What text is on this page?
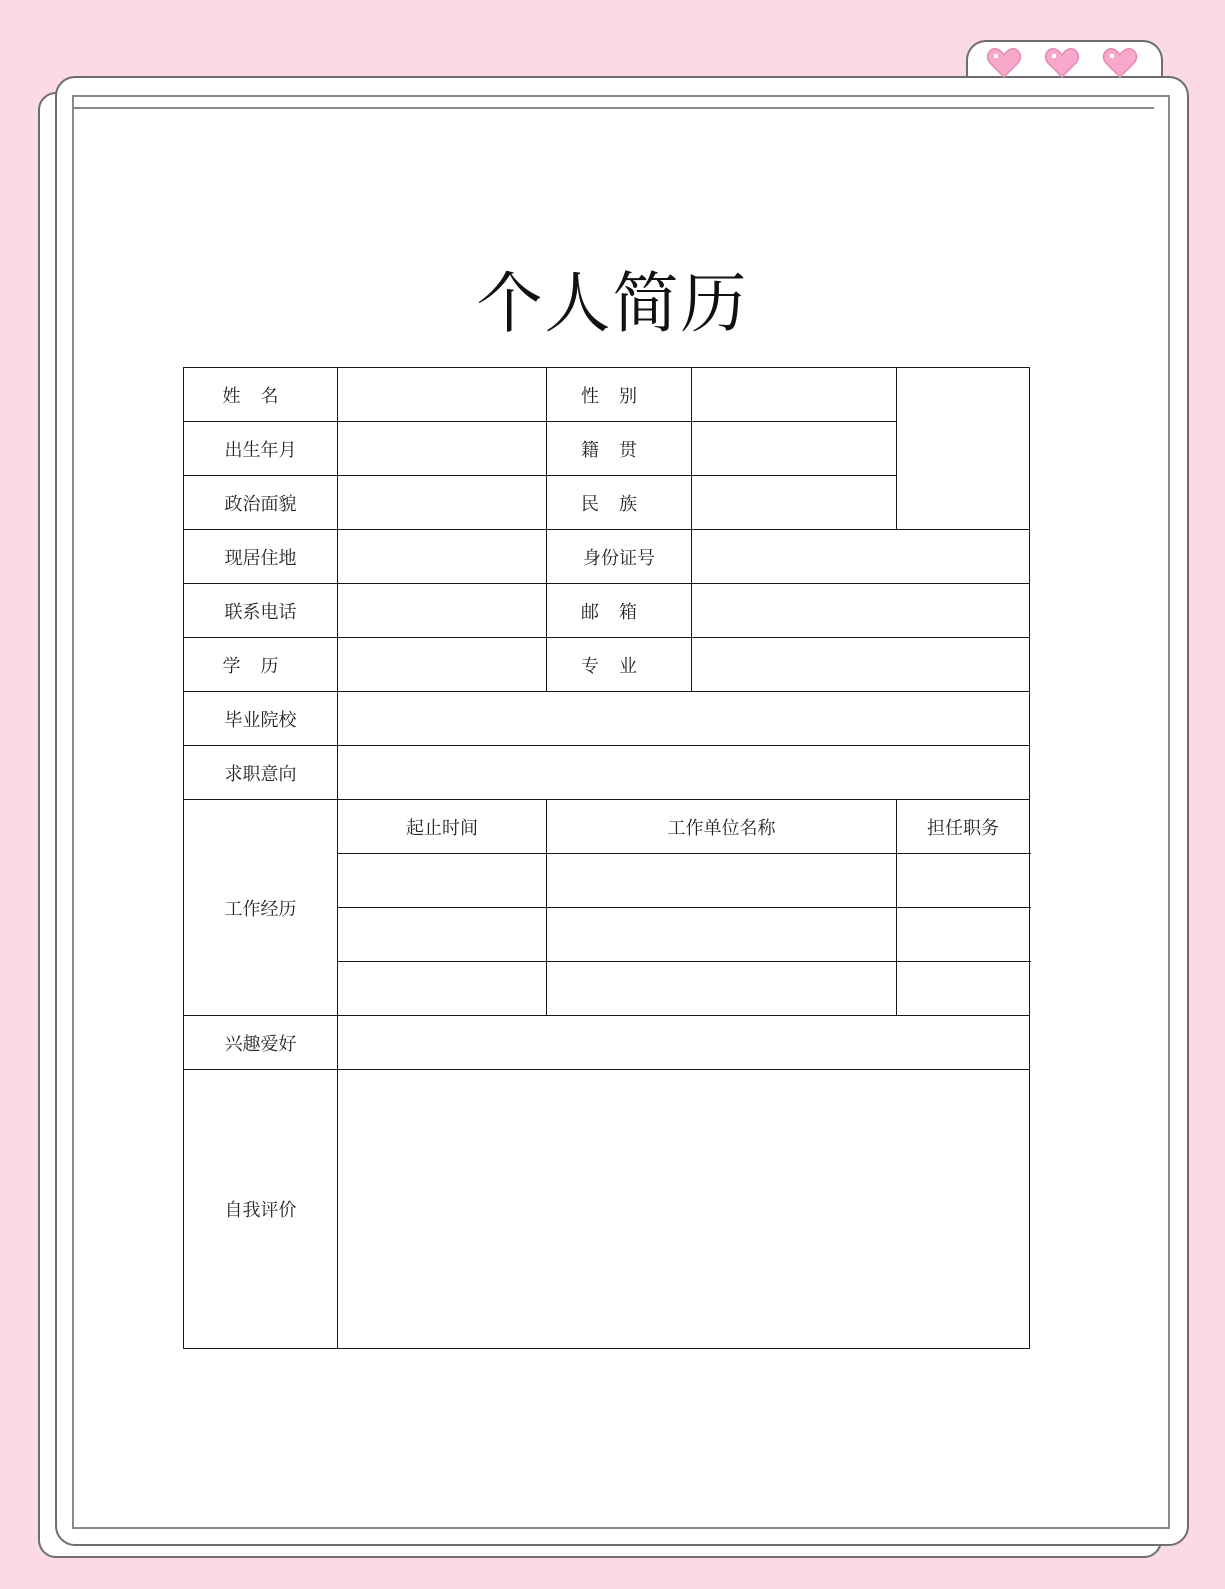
个人简历
姓名		性别		
出生年月		籍贯		
政治面貌		民族		
现居住地		身份证号		
联系电话		邮箱		
学历		专业		
毕业院校				
求职意向				
工作经历	起止时间	工作单位名称		担任职务

兴趣爱好				
自我评价				
